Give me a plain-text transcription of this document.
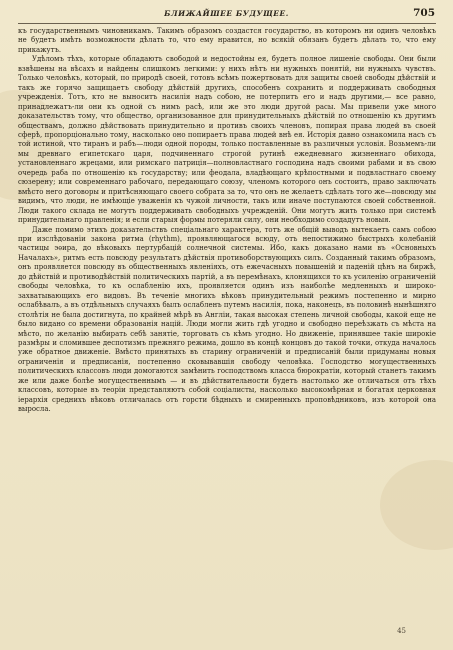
БЛИЖАЙШЕЕ БУДУЩЕЕ.	705

къ государственнымъ чиновникамъ. Такимъ образомъ создастся государство, въ которомъ ни одинъ человѣкъ не будетъ имѣть возможности дѣлать то, что ему нравится, но всякій обязанъ будетъ дѣлать то, что ему прикажутъ.

Удѣломъ тѣхъ, которые обладаютъ свободой и недостойны ея, будетъ полное лишеніе свободы. Они были взвѣшены на вѣсахъ и найдены слишкомъ легкими: у нихъ нѣтъ ни нужныхъ понятій, ни нужныхъ чувствъ. Только человѣкъ, который, по природѣ своей, готовъ всѣмъ пожертвовать для защиты своей свободы дѣйствій и такъ же горячо защищаетъ свободу дѣйствій другихъ, способенъ сохранить и поддерживать свободныя учрежденія. Тотъ, кто не выноситъ насилія надъ собою, не потерпитъ его и надъ другими,— все равно, принадлежатъ-ли они къ одной съ нимъ расѣ, или же это люди другой расы. Мы привели уже много доказательствъ тому, что общество, организованное для принудительныхъ дѣйствій по отношенію къ другимъ обществамъ, должно дѣйствовать принудительно и противъ своихъ членовъ, попирая права людей въ своей сферѣ, пропорціонально тому, насколько оно попираетъ права людей внѣ ея. Исторія давно ознакомила насъ съ той истиной, что тиранъ и рабъ—люди одной породы, только поставленные въ различныя условія. Возьмемъ-ли мы древнаго египетскаго царя, подчиненнаго строгой рутинѣ ежедневнаго жизненнаго обихода, установленнаго жрецами, или римскаго патриція—полновластнаго господина надъ своими рабами и въ свою очередь раба по отношенію къ государству; или феодала, владѣющаго крѣпостными и подвластнаго своему сюзерену; или современнаго рабочаго, передающаго союзу, членомъ которого онъ состоитъ, право заключать вмѣсто него договоры и притѣсняющаго своего собрата за то, что онъ не желаетъ сдѣлать того же—повсюду мы видимъ, что люди, не имѣющіе уваженія къ чужой личности, такъ или иначе поступаются своей собственной. Люди такого склада не могутъ поддерживать свободныхъ учрежденій. Они могутъ жить только при системѣ принудительнаго правленія; и если старыя формы потеряли силу, они необходимо создадутъ новыя.

Даже помимо этихъ доказательствъ спеціальнаго характера, тотъ же общій выводъ вытекаетъ самъ собою при изслѣдованіи закона ритма (rhythm), проявляющагося всюду, отъ непостижимо быстрыхъ колебаній частицы эѳира, до вѣковыхъ пертурбацій солнечной системы. Ибо, какъ доказано нами въ «Основныхъ Началахъ», ритмъ есть повсюду результатъ дѣйствія противоборствующихъ силъ. Созданный такимъ образомъ, онъ проявляется повсюду въ общественныхъ явленіяхъ, отъ ежечасныхъ повышеній и паденій цѣнъ на биржѣ, до дѣйствій и противодѣйствій политическихъ партій, а въ перемѣнахъ, клонящихся то къ усиленію ограниченій свободы человѣка, то къ ослабленію ихъ, проявляется одинъ изъ наиболѣе медленныхъ и широко-захватывающихъ его видовъ. Въ теченіе многихъ вѣковъ принудительный режимъ постепенно и мирно ослабѣвалъ, а въ отдѣльныхъ случаяхъ былъ ослабленъ путемъ насилія, пока, наконецъ, въ половинѣ нынѣшняго столѣтія не была достигнута, по крайней мѣрѣ въ Англіи, такая высокая степень личной свободы, какой еще не было видано со времени образованія націй. Люди могли жить гдѣ угодно и свободно переѣзжать съ мѣста на мѣсто, по желанію выбирать себѣ занятіе, торговать съ кѣмъ угодно. Но движеніе, принявшее такіе широкіе размѣры и сломившее деспотизмъ прежняго режима, дошло въ концѣ концовъ до такой точки, откуда началось уже обратное движеніе. Вмѣсто принятыхъ въ старину ограниченій и предписаній были придуманы новыя ограниченія и предписанія, постепенно сковывавшія свободу человѣка. Господство могущественныхъ политическихъ классовъ люди домогаются замѣнить господствомъ класса бюрократіи, который станетъ такимъ же или даже болѣе могущественнымъ — и въ дѣйствительности будетъ настолько же отличаться отъ тѣхъ классовъ, которые въ теоріи представляютъ собой соціалисты, насколько высокомѣрная и богатая церковная іерархія среднихъ вѣковъ отличалась отъ горсти бѣдныхъ и смиренныхъ проповѣдниковъ, изъ которой она выросла.

45
